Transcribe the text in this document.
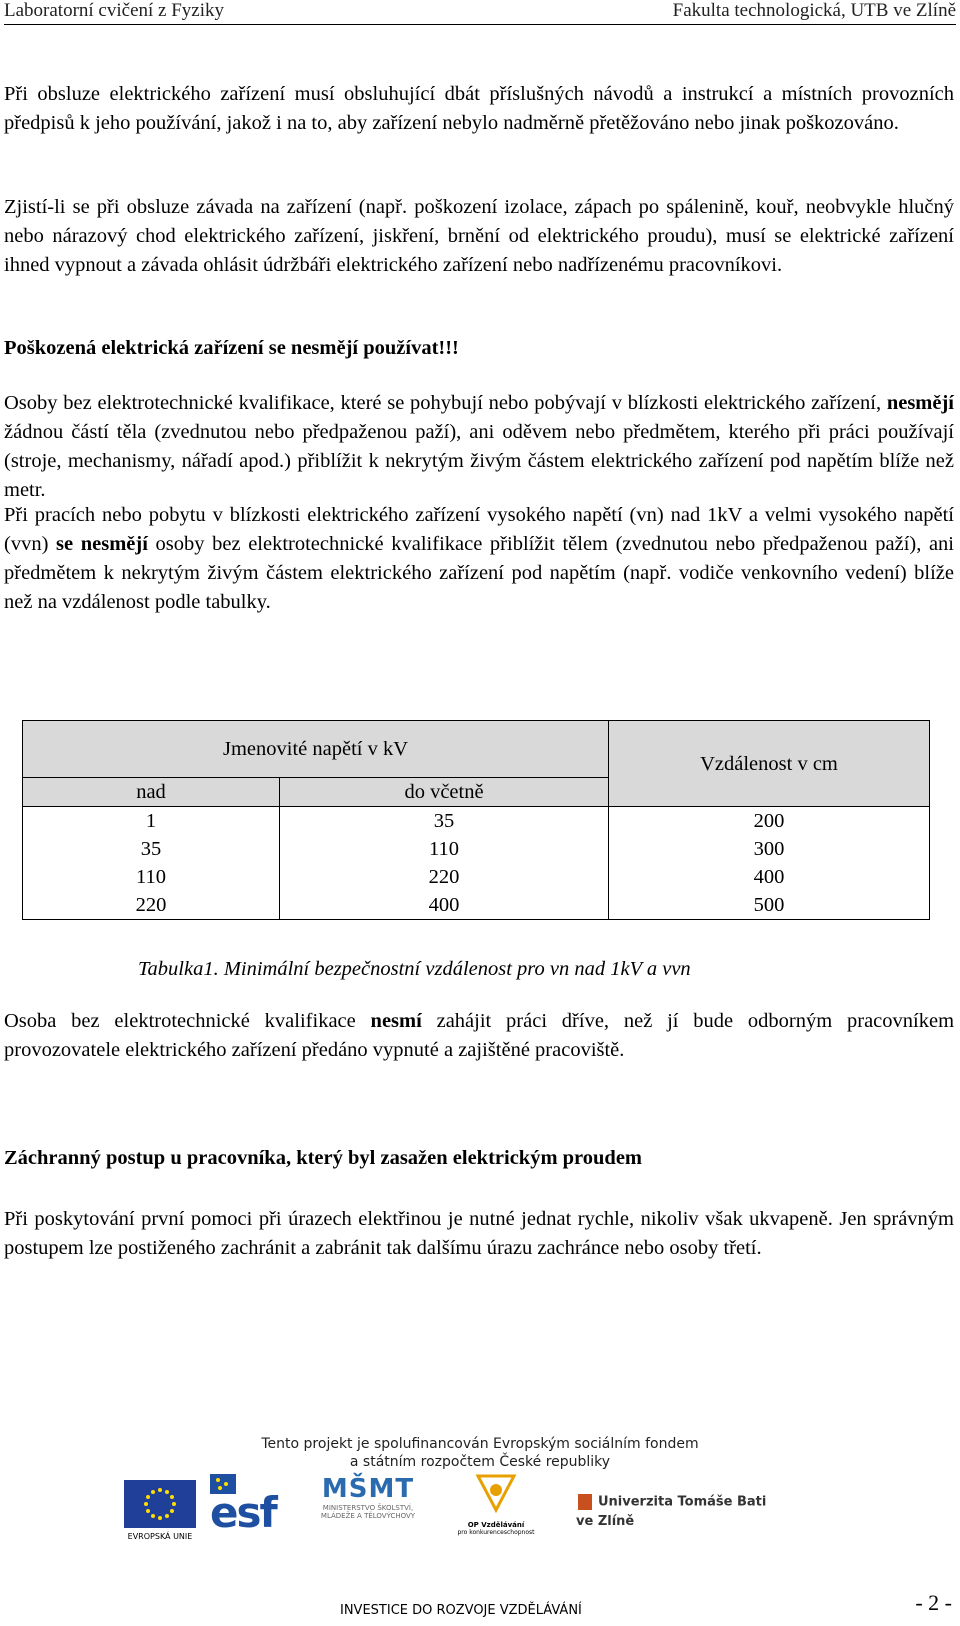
Laboratorní cvičení z Fyziky	Fakulta technologická, UTB ve Zlíně

Při obsluze elektrického zařízení musí obsluhující dbát příslušných návodů a instrukcí a místních provozních předpisů k jeho používání, jakož i na to, aby zařízení nebylo nadměrně přetěžováno nebo jinak poškozováno.

Zjistí-li se při obsluze závada na zařízení (např. poškození izolace, zápach po spálenině, kouř, neobvykle hlučný nebo nárazový chod elektrického zařízení, jiskření, brnění od elektrického proudu), musí se elektrické zařízení ihned vypnout a závada ohlásit údržbáři elektrického zařízení nebo nadřízenému pracovníkovi.

Poškozená elektrická zařízení se nesmějí používat!!!

Osoby bez elektrotechnické kvalifikace, které se pohybují nebo pobývají v blízkosti elektrického zařízení, nesmějí žádnou částí těla (zvednutou nebo předpaženou paží), ani oděvem nebo předmětem, kterého při práci používají (stroje, mechanismy, nářadí apod.) přiblížit k nekrytým živým částem elektrického zařízení pod napětím blíže než metr.

Při pracích nebo pobytu v blízkosti elektrického zařízení vysokého napětí (vn) nad 1kV a velmi vysokého napětí (vvn) se nesmějí osoby bez elektrotechnické kvalifikace přiblížit tělem (zvednutou nebo předpaženou paží), ani předmětem k nekrytým živým částem elektrického zařízení pod napětím (např. vodiče venkovního vedení) blíže než na vzdálenost podle tabulky.

Jmenovité napětí v kV		Vzdálenost v cm
nad	do včetně	
1	35	200
35	110	300
110	220	400
220	400	500
Tabulka1. Minimální bezpečnostní vzdálenost pro vn nad 1kV a vvn

Osoba bez elektrotechnické kvalifikace nesmí zahájit práci dříve, než jí bude odborným pracovníkem provozovatele elektrického zařízení předáno vypnuté a zajištěné pracoviště.

Záchranný postup u pracovníka, který byl zasažen elektrickým proudem

Při poskytování první pomoci při úrazech elektřinou je nutné jednat rychle, nikoliv však ukvapeně. Jen správným postupem lze postiženého zachránit a zabránit tak dalšímu úrazu zachránce nebo osoby třetí.

Tento projekt je spolufinancován Evropským sociálním fondem
a státním rozpočtem České republiky
EVROPSKÁ UNIE esf	MŠMT
MINISTERSTVO ŠKOLSTVÍ,
MLÁDEŽE A TĚLOVÝCHOVY
OP Vzdělávání
pro konkurenceschopnost
Univerzita Tomáše Bati ve Zlíně
INVESTICE DO ROZVOJE VZDĚLÁVÁNÍ	- 2 -
